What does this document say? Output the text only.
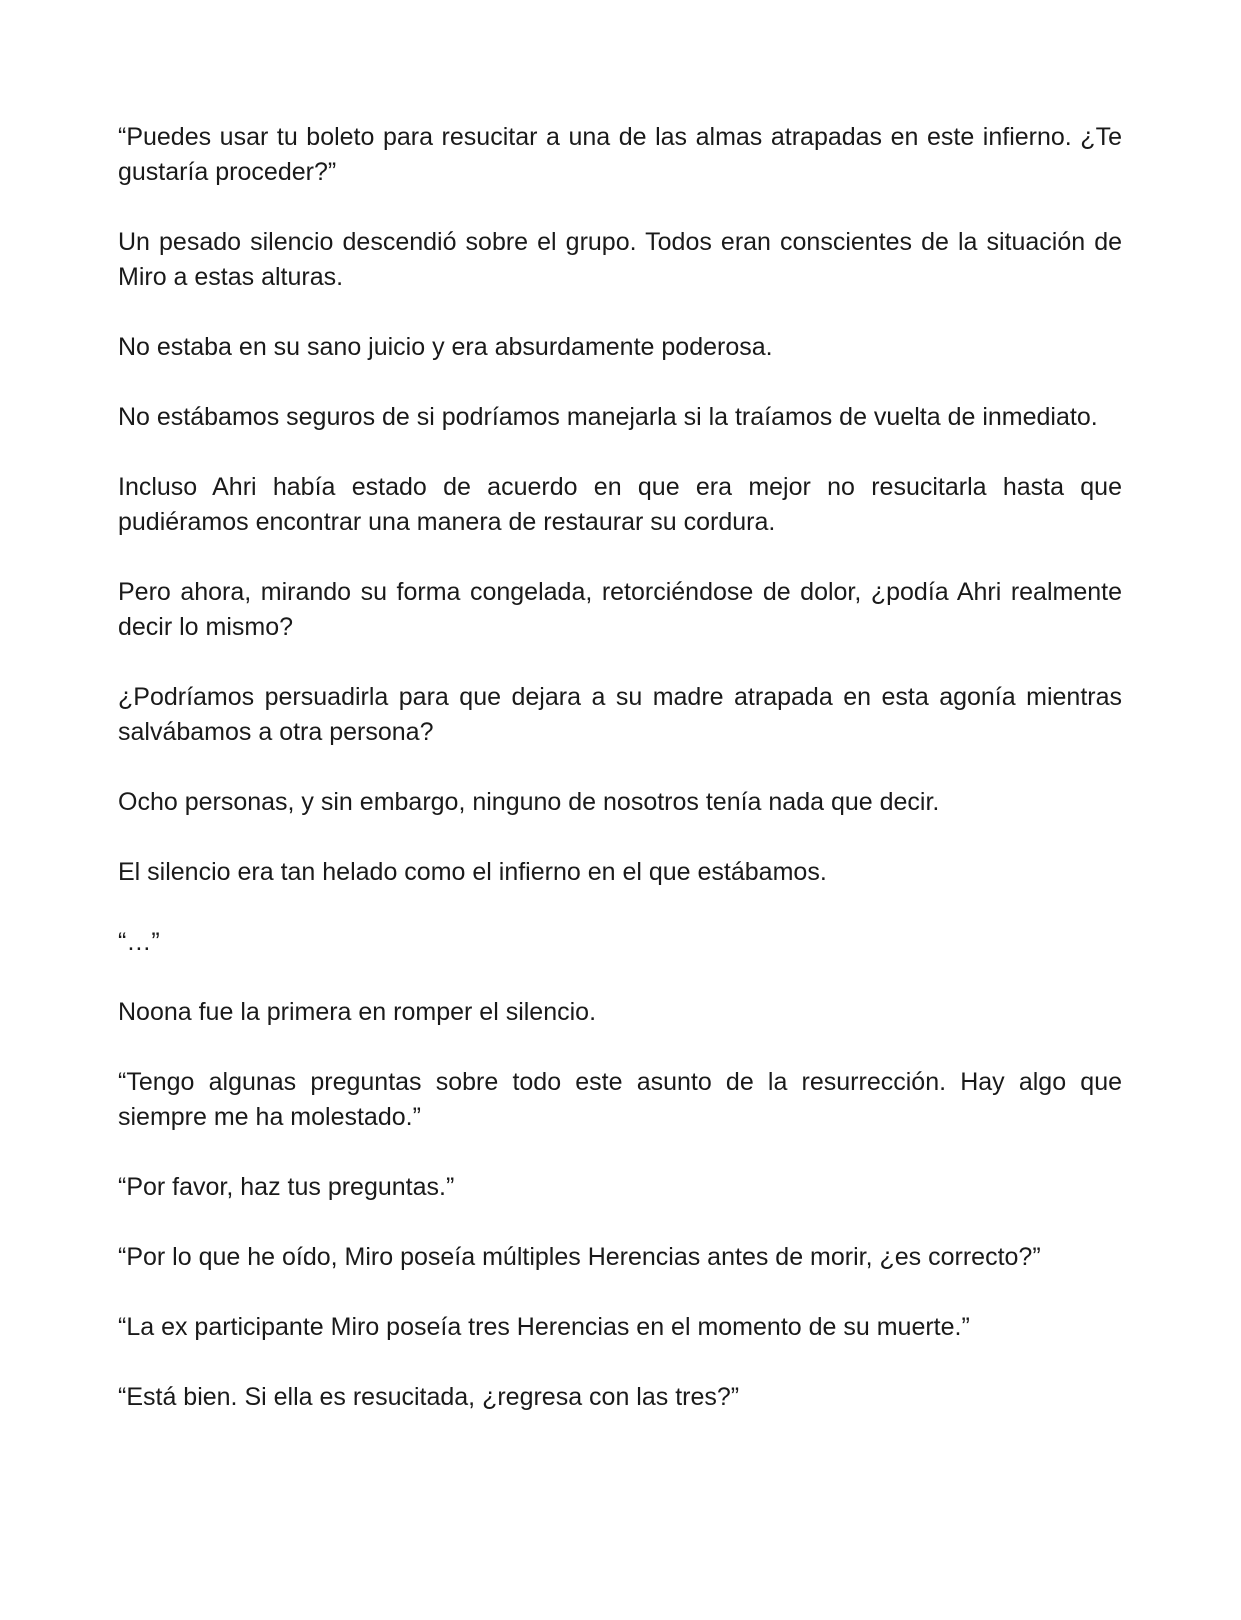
“Puedes usar tu boleto para resucitar a una de las almas atrapadas en este infierno. ¿Te gustaría proceder?”

Un pesado silencio descendió sobre el grupo. Todos eran conscientes de la situación de Miro a estas alturas.

No estaba en su sano juicio y era absurdamente poderosa.

No estábamos seguros de si podríamos manejarla si la traíamos de vuelta de inmediato.

Incluso Ahri había estado de acuerdo en que era mejor no resucitarla hasta que pudiéramos encontrar una manera de restaurar su cordura.

Pero ahora, mirando su forma congelada, retorciéndose de dolor, ¿podía Ahri realmente decir lo mismo?

¿Podríamos persuadirla para que dejara a su madre atrapada en esta agonía mientras salvábamos a otra persona?

Ocho personas, y sin embargo, ninguno de nosotros tenía nada que decir.

El silencio era tan helado como el infierno en el que estábamos.

“…”

Noona fue la primera en romper el silencio.

“Tengo algunas preguntas sobre todo este asunto de la resurrección. Hay algo que siempre me ha molestado.”

“Por favor, haz tus preguntas.”

“Por lo que he oído, Miro poseía múltiples Herencias antes de morir, ¿es correcto?”

“La ex participante Miro poseía tres Herencias en el momento de su muerte.”

“Está bien. Si ella es resucitada, ¿regresa con las tres?”
